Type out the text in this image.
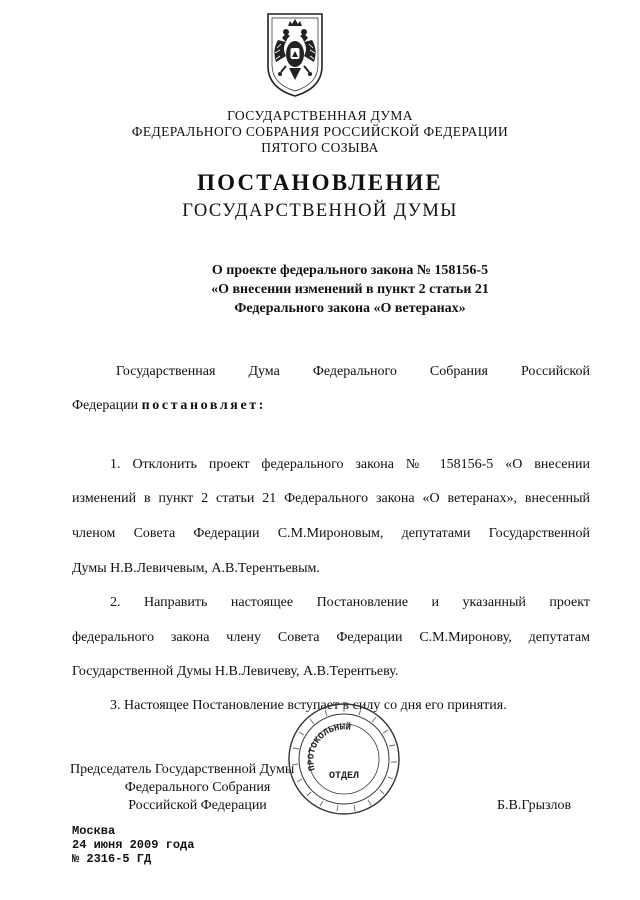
ГОСУДАРСТВЕННАЯ ДУМА
ФЕДЕРАЛЬНОГО СОБРАНИЯ РОССИЙСКОЙ ФЕДЕРАЦИИ
ПЯТОГО СОЗЫВА
ПОСТАНОВЛЕНИЕ
ГОСУДАРСТВЕННОЙ ДУМЫ
О проекте федерального закона № 158156-5
«О внесении изменений в пункт 2 статьи 21
Федерального закона «О ветеранах»
Государственная Дума Федерального Собрания Российской
Федерации постановляет:
1. Отклонить проект федерального закона № 158156-5 «О внесении
изменений в пункт 2 статьи 21 Федерального закона «О ветеранах», внесенный
членом Совета Федерации С.М.Мироновым, депутатами Государственной
Думы Н.В.Левичевым, А.В.Терентьевым.
2. Направить настоящее Постановление и указанный проект
федерального закона члену Совета Федерации С.М.Миронову, депутатам
Государственной Думы Н.В.Левичеву, А.В.Терентьеву.
3. Настоящее Постановление вступает в силу со дня его принятия.
ПРОТОКОЛЬНЫЙ
ОТДЕЛ
Председатель Государственной Думы
Федерального Собрания
Российской Федерации	Б.В.Грызлов
Москва
24 июня 2009 года
№ 2316-5 ГД
